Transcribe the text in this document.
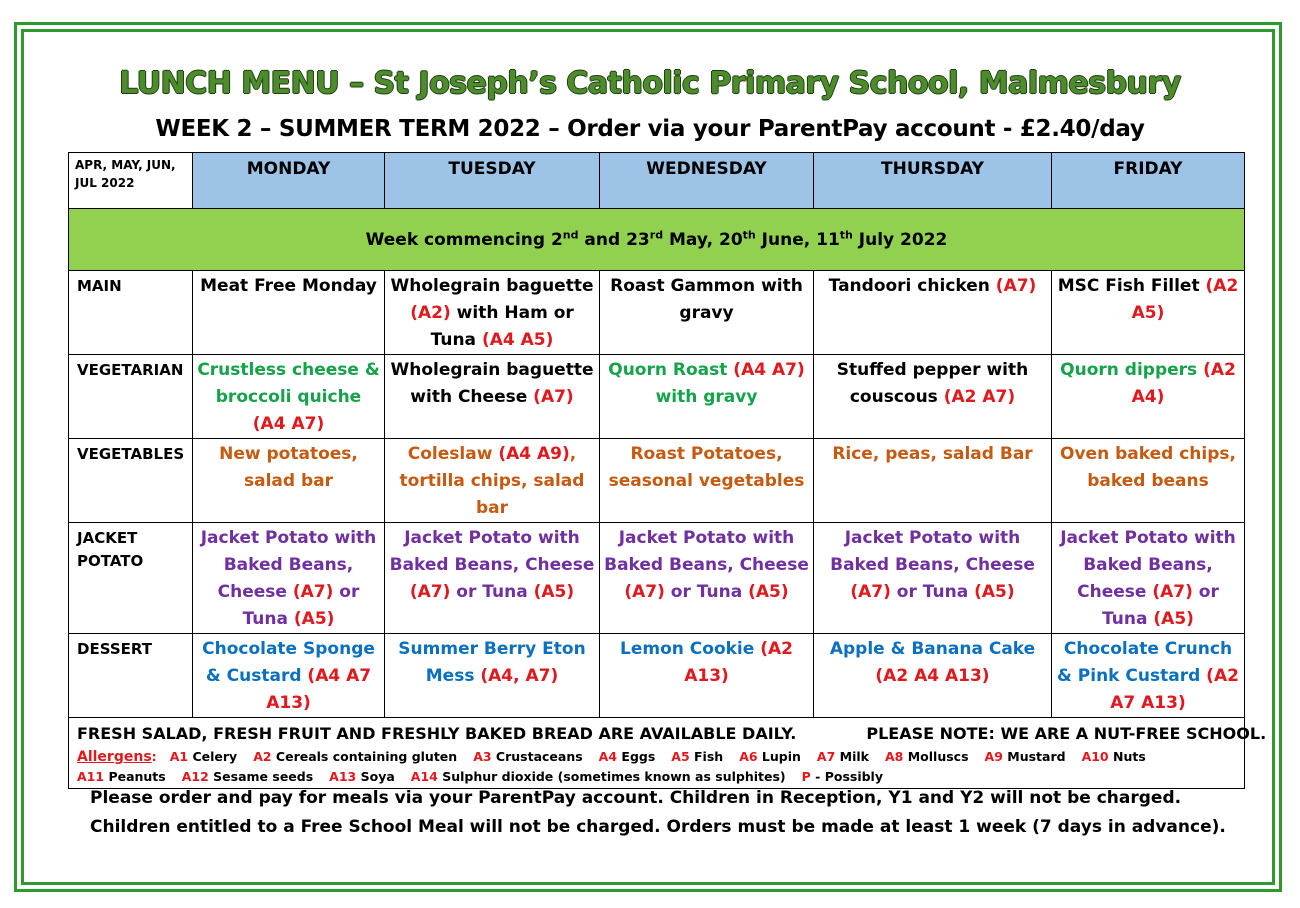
LUNCH MENU – St Joseph’s Catholic Primary School, Malmesbury
WEEK 2 – SUMMER TERM 2022 – Order via your ParentPay account - £2.40/day
APR, MAY, JUN, JUL 2022	MONDAY	TUESDAY	WEDNESDAY	THURSDAY	FRIDAY
Week commencing 2nd and 23rd May, 20th June, 11th July 2022					
MAIN	Meat Free Monday	Wholegrain baguette (A2) with Ham or Tuna (A4 A5)	Roast Gammon with gravy	Tandoori chicken (A7)	MSC Fish Fillet (A2 A5)
VEGETARIAN	Crustless cheese & broccoli quiche (A4 A7)	Wholegrain baguette with Cheese (A7)	Quorn Roast (A4 A7) with gravy	Stuffed pepper with couscous (A2 A7)	Quorn dippers (A2 A4)
VEGETABLES	New potatoes, salad bar	Coleslaw (A4 A9), tortilla chips, salad bar	Roast Potatoes, seasonal vegetables	Rice, peas, salad Bar	Oven baked chips, baked beans
JACKET POTATO	Jacket Potato with Baked Beans, Cheese (A7) or Tuna (A5)	Jacket Potato with Baked Beans, Cheese (A7) or Tuna (A5)	Jacket Potato with Baked Beans, Cheese (A7) or Tuna (A5)	Jacket Potato with Baked Beans, Cheese (A7) or Tuna (A5)	Jacket Potato with Baked Beans, Cheese (A7) or Tuna (A5)
DESSERT	Chocolate Sponge & Custard (A4 A7 A13)	Summer Berry Eton Mess (A4, A7)	Lemon Cookie (A2 A13)	Apple & Banana Cake (A2 A4 A13)	Chocolate Crunch & Pink Custard (A2 A7 A13)

FRESH SALAD, FRESH FRUIT AND FRESHLY BAKED BREAD ARE AVAILABLE DAILY. PLEASE NOTE: WE ARE A NUT-FREE SCHOOL.
Allergens:   A1 Celery A2 Cereals containing gluten A3 Crustaceans A4 Eggs A5 Fish A6 Lupin A7 Milk A8 Molluscs A9 Mustard A10 Nuts
A11 Peanuts A12 Sesame seeds A13 Soya A14 Sulphur dioxide (sometimes known as sulphites) P - Possibly					
Please order and pay for meals via your ParentPay account. Children in Reception, Y1 and Y2 will not be charged.
Children entitled to a Free School Meal will not be charged. Orders must be made at least 1 week (7 days in advance).
